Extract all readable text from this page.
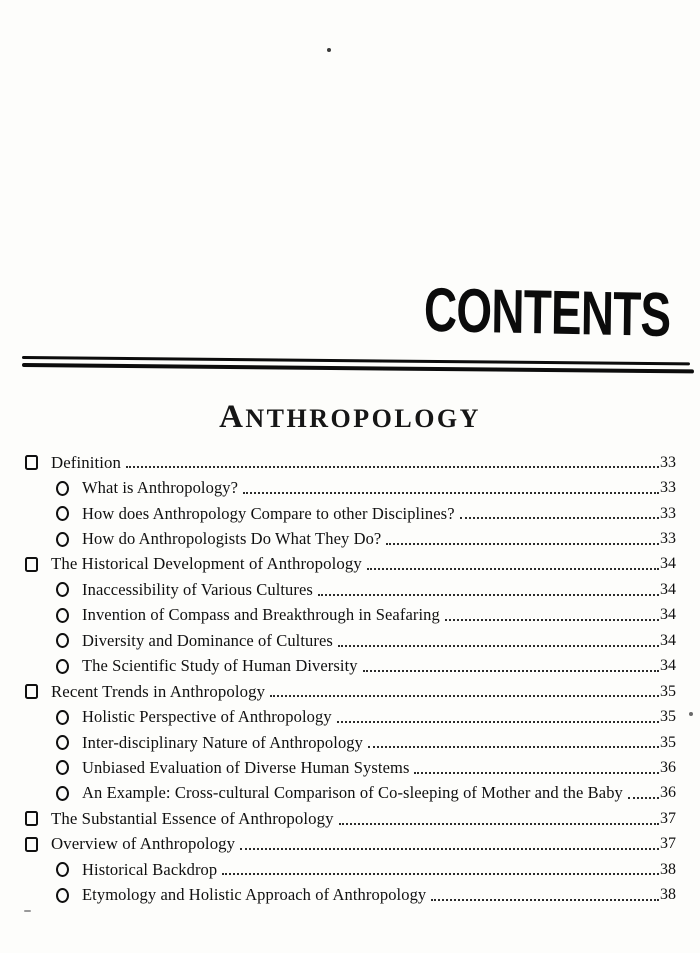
CONTENTS
ANTHROPOLOGY
Definition	33
What is Anthropology?	33
How does Anthropology Compare to other Disciplines?	33
How do Anthropologists Do What They Do?	33
The Historical Development of Anthropology	34
Inaccessibility of Various Cultures	34
Invention of Compass and Breakthrough in Seafaring	34
Diversity and Dominance of Cultures	34
The Scientific Study of Human Diversity	34
Recent Trends in Anthropology	35
Holistic Perspective of Anthropology	35
Inter-disciplinary Nature of Anthropology	35
Unbiased Evaluation of Diverse Human Systems	36
An Example: Cross-cultural Comparison of Co-sleeping of Mother and the Baby 36
The Substantial Essence of Anthropology	37
Overview of Anthropology	37
Historical Backdrop	38
Etymology and Holistic Approach of Anthropology	38
